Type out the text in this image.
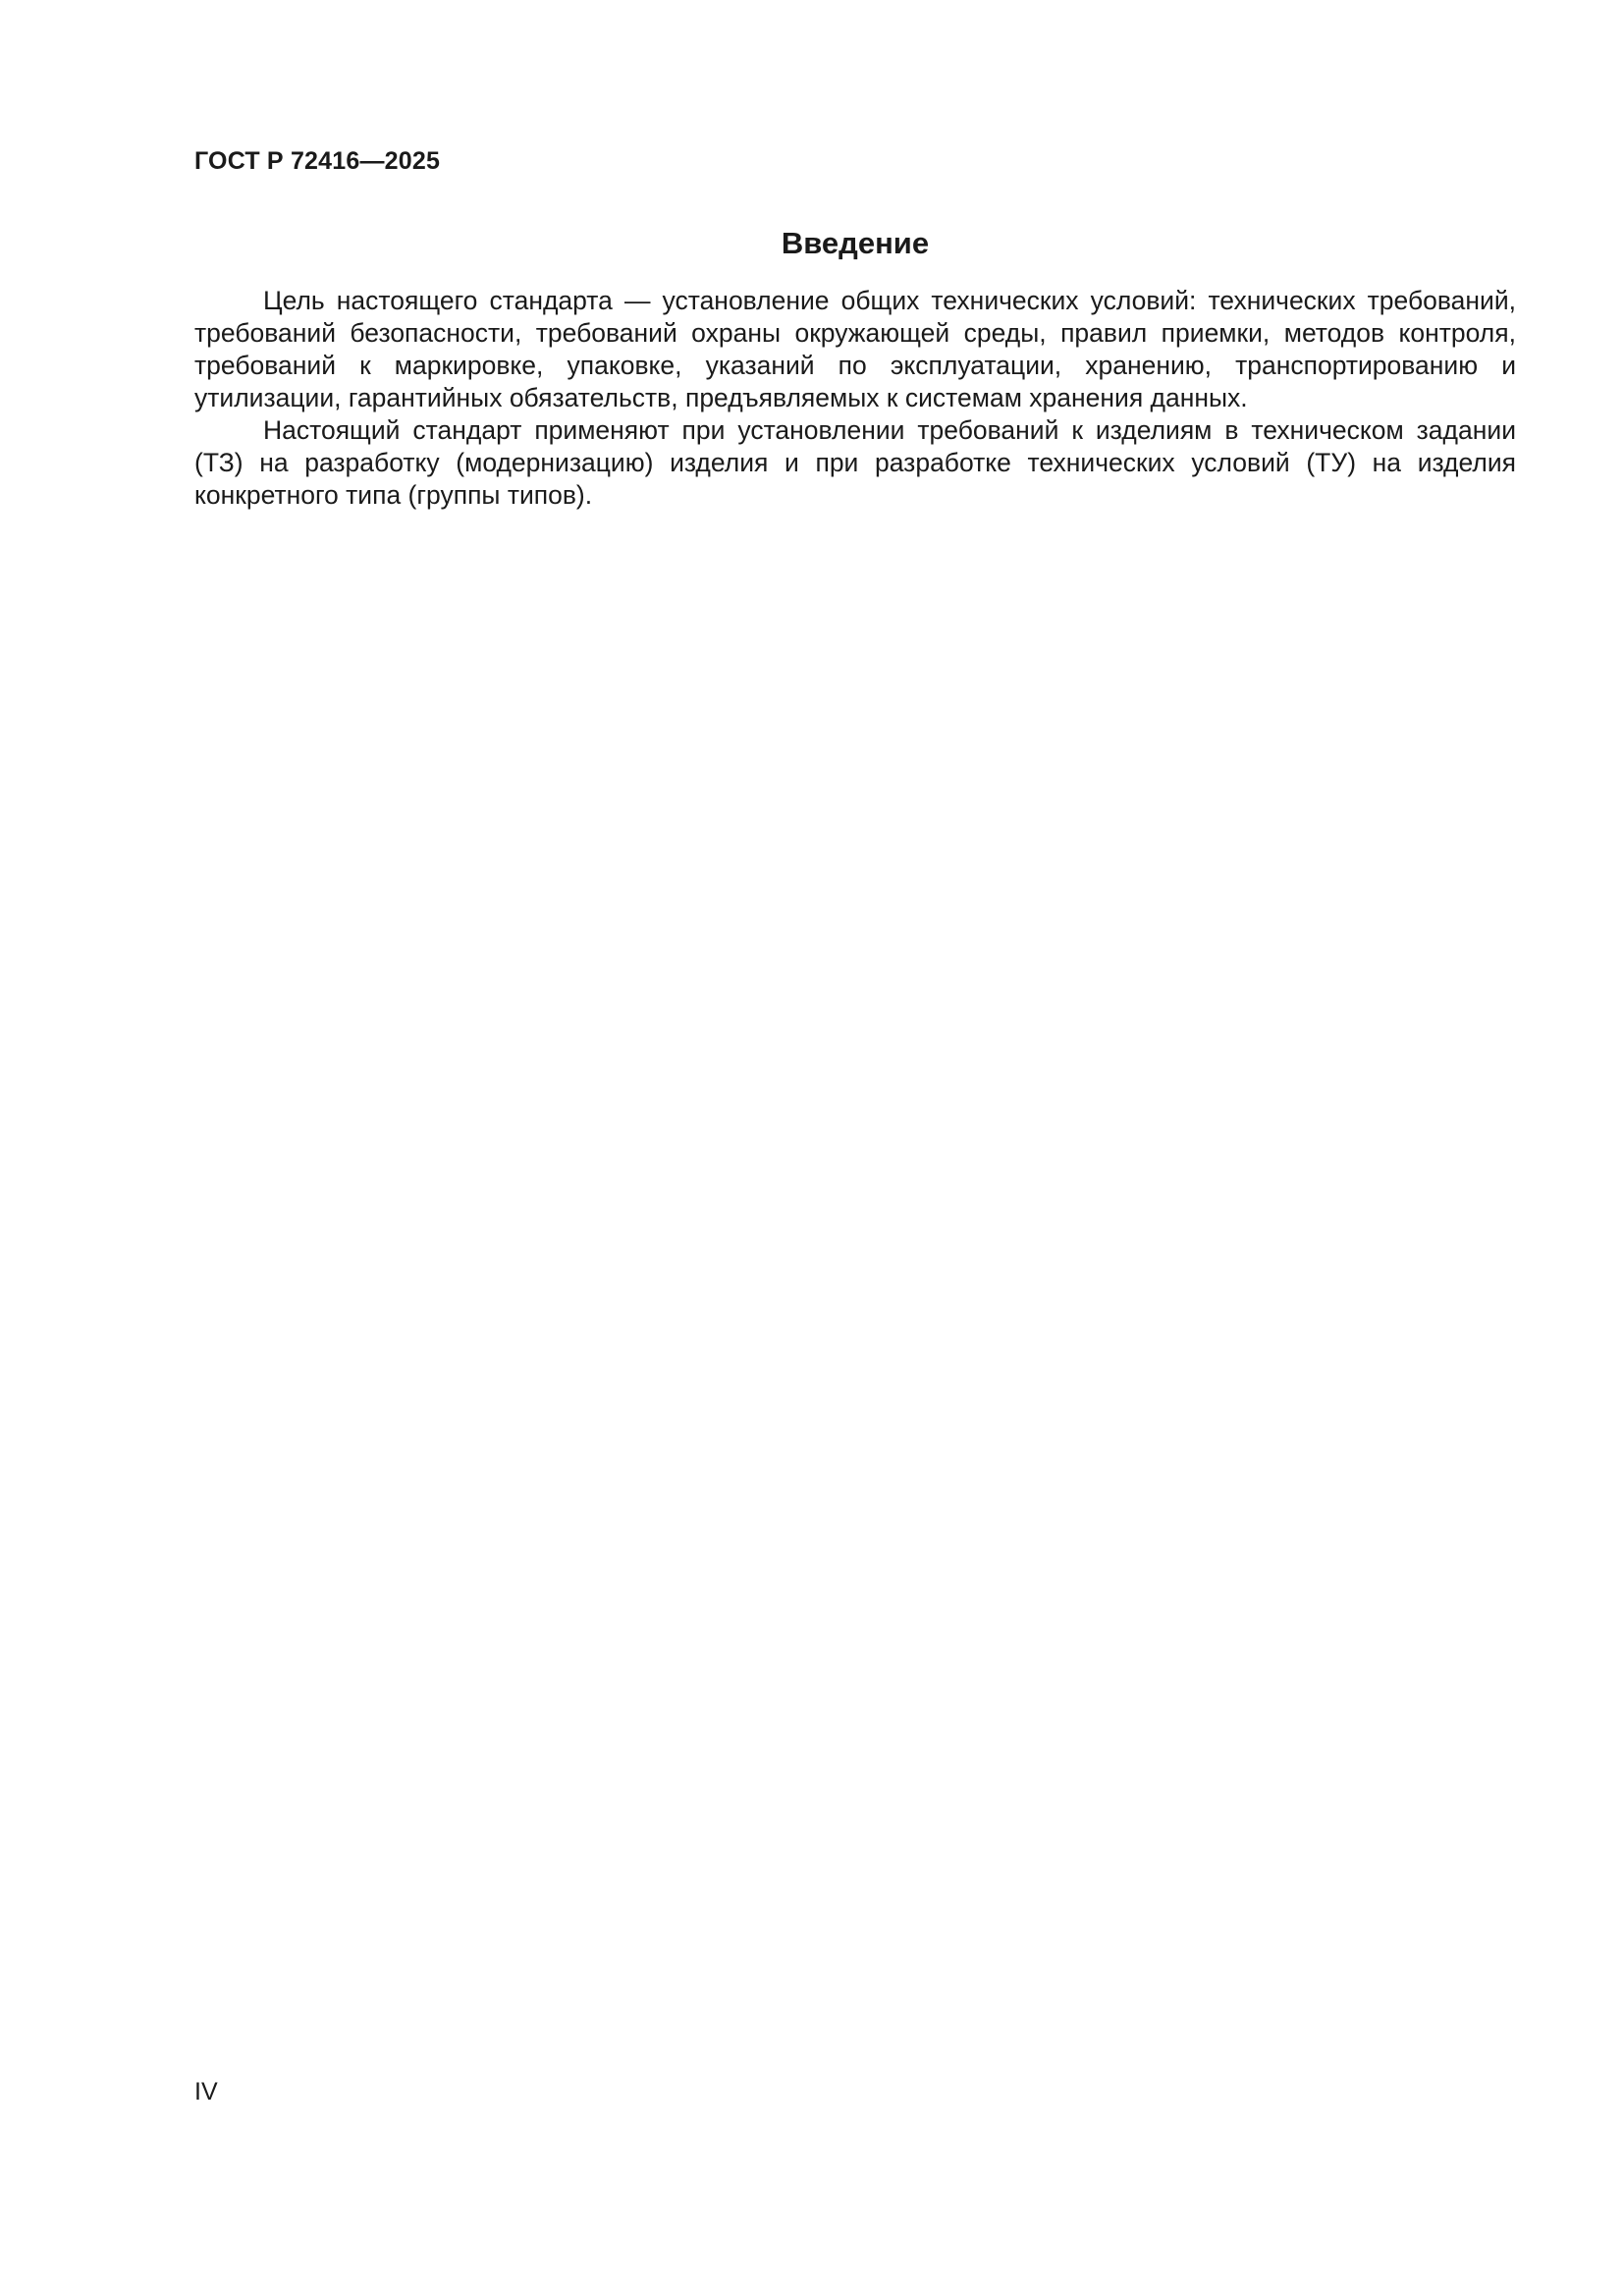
ГОСТ Р 72416—2025
Введение

Цель настоящего стандарта — установление общих технических условий: технических требований, требований безопасности, требований охраны окружающей среды, правил приемки, методов контроля, требований к маркировке, упаковке, указаний по эксплуатации, хранению, транспортированию и утилизации, гарантийных обязательств, предъявляемых к системам хранения данных.

Настоящий стандарт применяют при установлении требований к изделиям в техническом задании (ТЗ) на разработку (модернизацию) изделия и при разработке технических условий (ТУ) на изделия конкретного типа (группы типов).

IV
